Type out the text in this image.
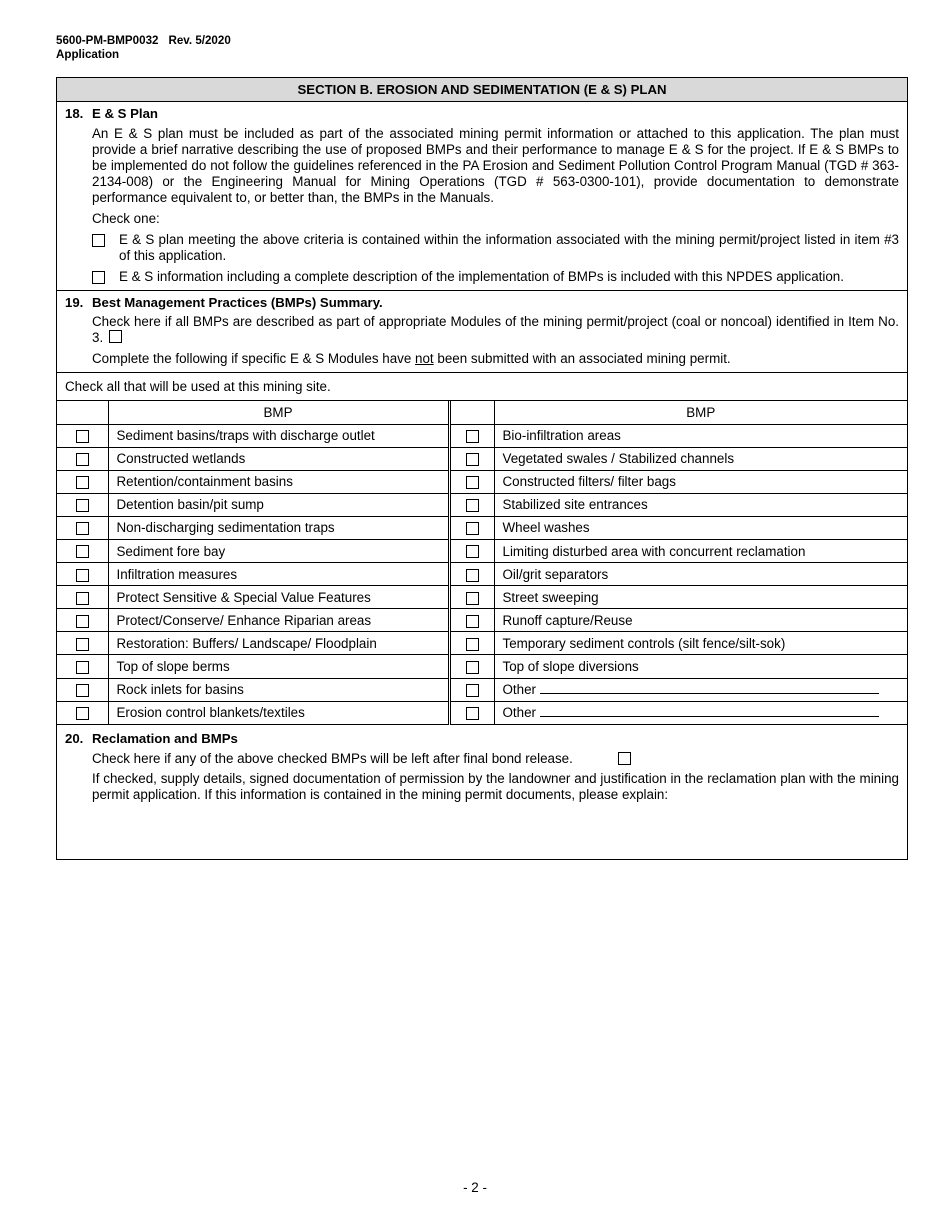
5600-PM-BMP0032 Rev. 5/2020
Application
SECTION B. EROSION AND SEDIMENTATION (E & S) PLAN
18. E & S Plan
An E & S plan must be included as part of the associated mining permit information or attached to this application. The plan must provide a brief narrative describing the use of proposed BMPs and their performance to manage E & S for the project. If E & S BMPs to be implemented do not follow the guidelines referenced in the PA Erosion and Sediment Pollution Control Program Manual (TGD # 363-2134-008) or the Engineering Manual for Mining Operations (TGD # 563-0300-101), provide documentation to demonstrate performance equivalent to, or better than, the BMPs in the Manuals.
Check one:
E & S plan meeting the above criteria is contained within the information associated with the mining permit/project listed in item #3 of this application.
E & S information including a complete description of the implementation of BMPs is included with this NPDES application.
19. Best Management Practices (BMPs) Summary.
Check here if all BMPs are described as part of appropriate Modules of the mining permit/project (coal or noncoal) identified in Item No. 3.
Complete the following if specific E & S Modules have not been submitted with an associated mining permit.
Check all that will be used at this mining site.
	BMP		BMP
	Sediment basins/traps with discharge outlet		Bio-infiltration areas
	Constructed wetlands		Vegetated swales / Stabilized channels
	Retention/containment basins		Constructed filters/ filter bags
	Detention basin/pit sump		Stabilized site entrances
	Non-discharging sedimentation traps		Wheel washes
	Sediment fore bay		Limiting disturbed area with concurrent reclamation
	Infiltration measures		Oil/grit separators
	Protect Sensitive & Special Value Features		Street sweeping
	Protect/Conserve/ Enhance Riparian areas		Runoff capture/Reuse
	Restoration: Buffers/ Landscape/ Floodplain		Temporary sediment controls (silt fence/silt-sok)
	Top of slope berms		Top of slope diversions
	Rock inlets for basins		Other
	Erosion control blankets/textiles		Other
20. Reclamation and BMPs
Check here if any of the above checked BMPs will be left after final bond release.
If checked, supply details, signed documentation of permission by the landowner and justification in the reclamation plan with the mining permit application. If this information is contained in the mining permit documents, please explain:
- 2 -
